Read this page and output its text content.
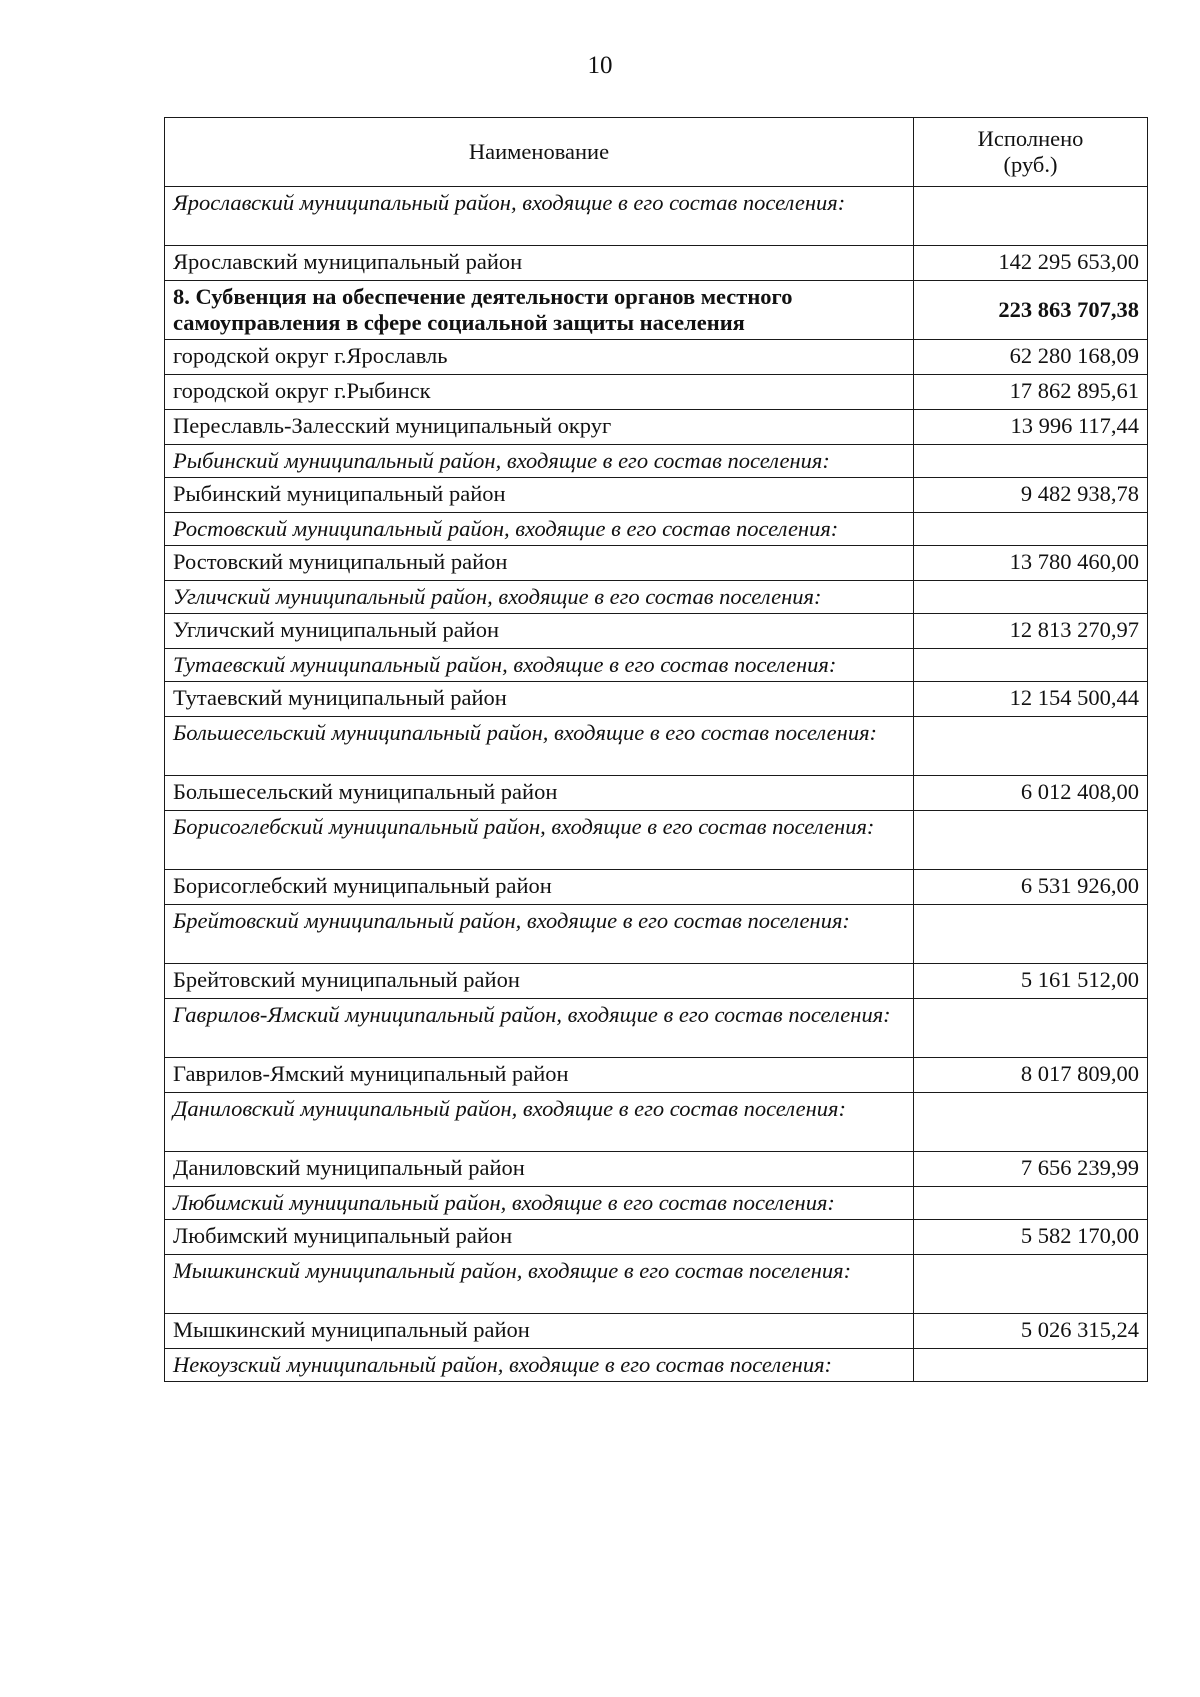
10
Наименование	Исполнено
(руб.)
Ярославский муниципальный район, входящие в его состав поселения:	
Ярославский муниципальный район	142 295 653,00
8. Субвенция на обеспечение деятельности органов местного самоуправления в сфере социальной защиты населения	223 863 707,38
городской округ г.Ярославль	62 280 168,09
городской округ г.Рыбинск	17 862 895,61
Переславль-Залесский муниципальный округ	13 996 117,44
Рыбинский муниципальный район, входящие в его состав поселения:	
Рыбинский муниципальный район	9 482 938,78
Ростовский муниципальный район, входящие в его состав поселения:	
Ростовский муниципальный район	13 780 460,00
Угличский муниципальный район, входящие в его состав поселения:	
Угличский муниципальный район	12 813 270,97
Тутаевский муниципальный район, входящие в его состав поселения:	
Тутаевский муниципальный район	12 154 500,44
Большесельский муниципальный район, входящие в его состав поселения:	
Большесельский муниципальный район	6 012 408,00
Борисоглебский муниципальный район, входящие в его состав поселения:	
Борисоглебский муниципальный район	6 531 926,00
Брейтовский муниципальный район, входящие в его состав поселения:	
Брейтовский муниципальный район	5 161 512,00
Гаврилов-Ямский муниципальный район, входящие в его состав поселения:	
Гаврилов-Ямский муниципальный район	8 017 809,00
Даниловский муниципальный район, входящие в его состав поселения:	
Даниловский муниципальный район	7 656 239,99
Любимский муниципальный район, входящие в его состав поселения:	
Любимский муниципальный район	5 582 170,00
Мышкинский муниципальный район, входящие в его состав поселения:	
Мышкинский муниципальный район	5 026 315,24
Некоузский муниципальный район, входящие в его состав поселения:	
